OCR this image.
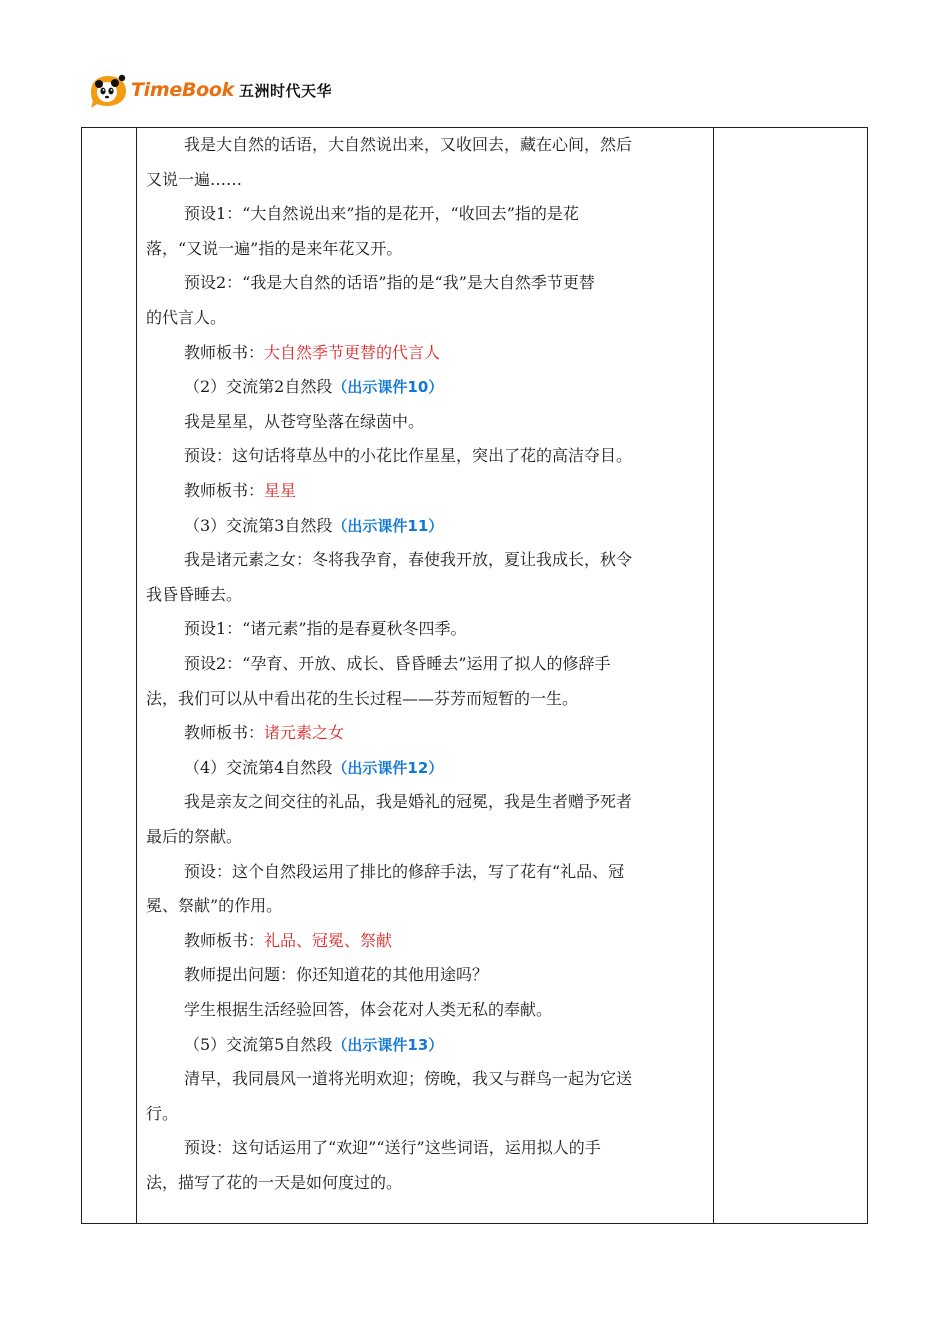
TimeBook 五洲时代天华
我是大自然的话语，大自然说出来，又收回去，藏在心间，然后
又说一遍……
预设1：“大自然说出来”指的是花开，“收回去”指的是花
落，“又说一遍”指的是来年花又开。
预设2：“我是大自然的话语”指的是“我”是大自然季节更替
的代言人。
教师板书：大自然季节更替的代言人
（2）交流第2自然段（出示课件10）
我是星星，从苍穹坠落在绿茵中。
预设：这句话将草丛中的小花比作星星，突出了花的高洁夺目。
教师板书：星星
（3）交流第3自然段（出示课件11）
我是诸元素之女：冬将我孕育，春使我开放，夏让我成长，秋令
我昏昏睡去。
预设1：“诸元素”指的是春夏秋冬四季。
预设2：“孕育、开放、成长、昏昏睡去”运用了拟人的修辞手
法，我们可以从中看出花的生长过程——芬芳而短暂的一生。
教师板书：诸元素之女
（4）交流第4自然段（出示课件12）
我是亲友之间交往的礼品，我是婚礼的冠冕，我是生者赠予死者
最后的祭献。
预设：这个自然段运用了排比的修辞手法，写了花有“礼品、冠
冕、祭献”的作用。
教师板书：礼品、冠冕、祭献
教师提出问题：你还知道花的其他用途吗？
学生根据生活经验回答，体会花对人类无私的奉献。
（5）交流第5自然段（出示课件13）
清早，我同晨风一道将光明欢迎；傍晚，我又与群鸟一起为它送
行。
预设：这句话运用了“欢迎”“送行”这些词语，运用拟人的手
法，描写了花的一天是如何度过的。
